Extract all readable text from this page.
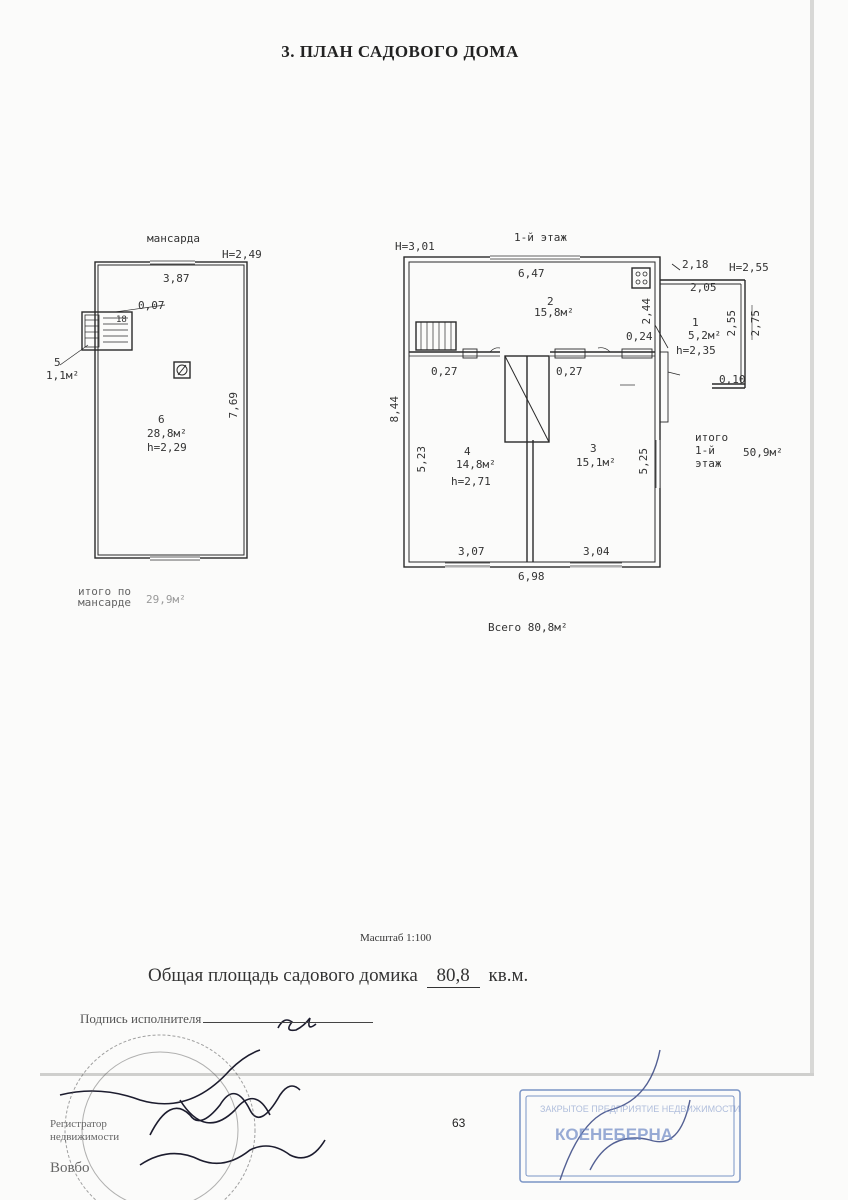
3. ПЛАН САДОВОГО ДОМА
КОЕНЕБЕРНА
ЗАКРЫТОЕ ПРЕДПРИЯТИЕ НЕДВИЖИМОСТИ
мансарда
H=2,49
3,87
0,07
18
5
1,1м²
6
28,8м²
h=2,29
7,69
итого по
мансарде 29,9м²
1-й этаж
H=3,01
H=2,55
6,47
2,18
2,05
2,44
2
15,8м²	2,55 2,75
1
5,2м²
h=2,35
0,24
0,27	0,27
0,10
8,44
итого
1-й	50,9м²
этаж
5,23	4
14,8м²
h=2,71
3
15,1м² 5,25
3,07	3,04
6,98
Всего 80,8м²
Масштаб 1:100
Общая площадь садового домика 80,8 кв.м.
Подпись исполнителя
Регистратор
недвижимости
Вовбо
63
